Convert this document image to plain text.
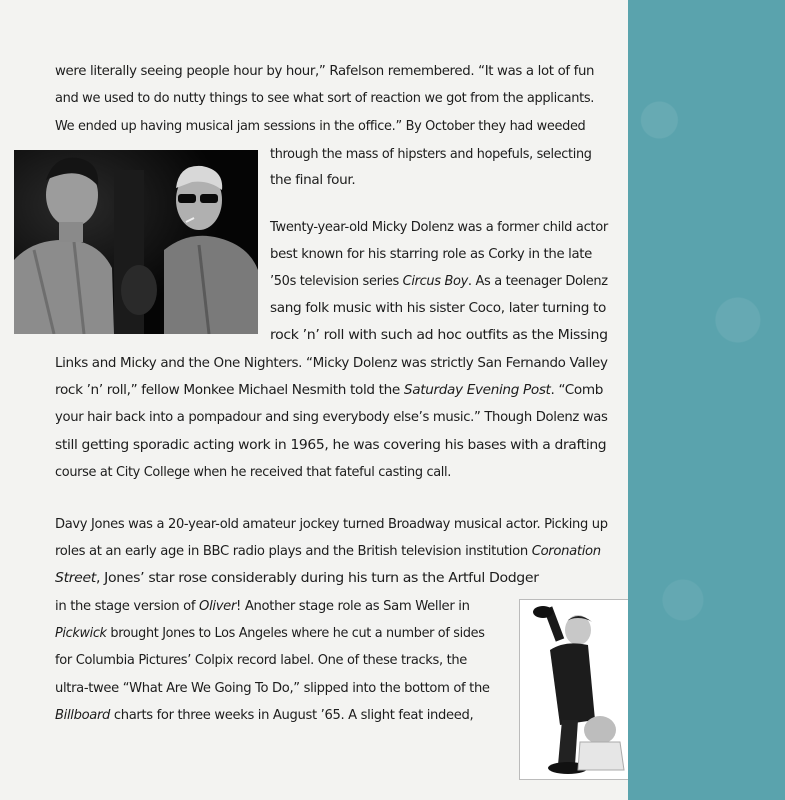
were literally seeing people hour by hour,” Rafelson remembered. “It was a lot of fun
and we used to do nutty things to see what sort of reaction we got from the applicants.
We ended up having musical jam sessions in the office.” By October they had weeded
through the mass of hipsters and hopefuls, selecting
the final four.
Twenty-year-old Micky Dolenz was a former child actor
best known for his starring role as Corky in the late
’50s television series Circus Boy. As a teenager Dolenz
sang folk music with his sister Coco, later turning to
rock ’n’ roll with such ad hoc outfits as the Missing
Links and Micky and the One Nighters. “Micky Dolenz was strictly San Fernando Valley
rock ’n’ roll,” fellow Monkee Michael Nesmith told the Saturday Evening Post. “Comb
your hair back into a pompadour and sing everybody else’s music.” Though Dolenz was
still getting sporadic acting work in 1965, he was covering his bases with a drafting
course at City College when he received that fateful casting call.
Davy Jones was a 20-year-old amateur jockey turned Broadway musical actor. Picking up
roles at an early age in BBC radio plays and the British television institution Coronation
Street, Jones’ star rose considerably during his turn as the Artful Dodger
in the stage version of Oliver! Another stage role as Sam Weller in
Pickwick brought Jones to Los Angeles where he cut a number of sides
for Columbia Pictures’ Colpix record label. One of these tracks, the
ultra-twee “What Are We Going To Do,” slipped into the bottom of the
Billboard charts for three weeks in August ’65. A slight feat indeed,
